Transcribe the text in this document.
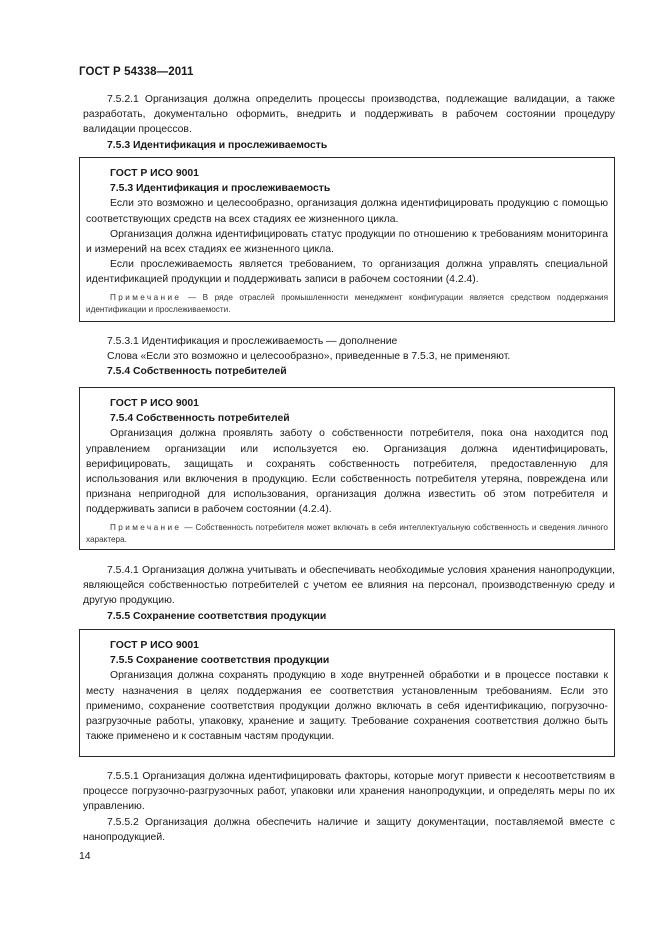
ГОСТ Р 54338—2011

7.5.2.1 Организация должна определить процессы производства, подлежащие валидации, а также разработать, документально оформить, внедрить и поддерживать в рабочем состоянии процедуру валидации процессов.

7.5.3 Идентификация и прослеживаемость

ГОСТ Р ИСО 9001

7.5.3 Идентификация и прослеживаемость

Если это возможно и целесообразно, организация должна идентифицировать продукцию с помощью соответствующих средств на всех стадиях ее жизненного цикла.

Организация должна идентифицировать статус продукции по отношению к требованиям мониторинга и измерений на всех стадиях ее жизненного цикла.

Если прослеживаемость является требованием, то организация должна управлять специальной идентификацией продукции и поддерживать записи в рабочем состоянии (4.2.4).

Примечание — В ряде отраслей промышленности менеджмент конфигурации является средством поддержания идентификации и прослеживаемости.

7.5.3.1 Идентификация и прослеживаемость — дополнение

Слова «Если это возможно и целесообразно», приведенные в 7.5.3, не применяют.

7.5.4 Собственность потребителей

ГОСТ Р ИСО 9001

7.5.4 Собственность потребителей

Организация должна проявлять заботу о собственности потребителя, пока она находится под управлением организации или используется ею. Организация должна идентифицировать, верифицировать, защищать и сохранять собственность потребителя, предоставленную для использования или включения в продукцию. Если собственность потребителя утеряна, повреждена или признана непригодной для использования, организация должна известить об этом потребителя и поддерживать записи в рабочем состоянии (4.2.4).

Примечание — Собственность потребителя может включать в себя интеллектуальную собственность и сведения личного характера.

7.5.4.1 Организация должна учитывать и обеспечивать необходимые условия хранения нанопродукции, являющейся собственностью потребителей с учетом ее влияния на персонал, производственную среду и другую продукцию.

7.5.5 Сохранение соответствия продукции

ГОСТ Р ИСО 9001

7.5.5 Сохранение соответствия продукции

Организация должна сохранять продукцию в ходе внутренней обработки и в процессе поставки к месту назначения в целях поддержания ее соответствия установленным требованиям. Если это применимо, сохранение соответствия продукции должно включать в себя идентификацию, погрузочно-разгрузочные работы, упаковку, хранение и защиту. Требование сохранения соответствия должно быть также применено и к составным частям продукции.

7.5.5.1 Организация должна идентифицировать факторы, которые могут привести к несоответствиям в процессе погрузочно-разгрузочных работ, упаковки или хранения нанопродукции, и определять меры по их управлению.

7.5.5.2 Организация должна обеспечить наличие и защиту документации, поставляемой вместе с нанопродукцией.

14
